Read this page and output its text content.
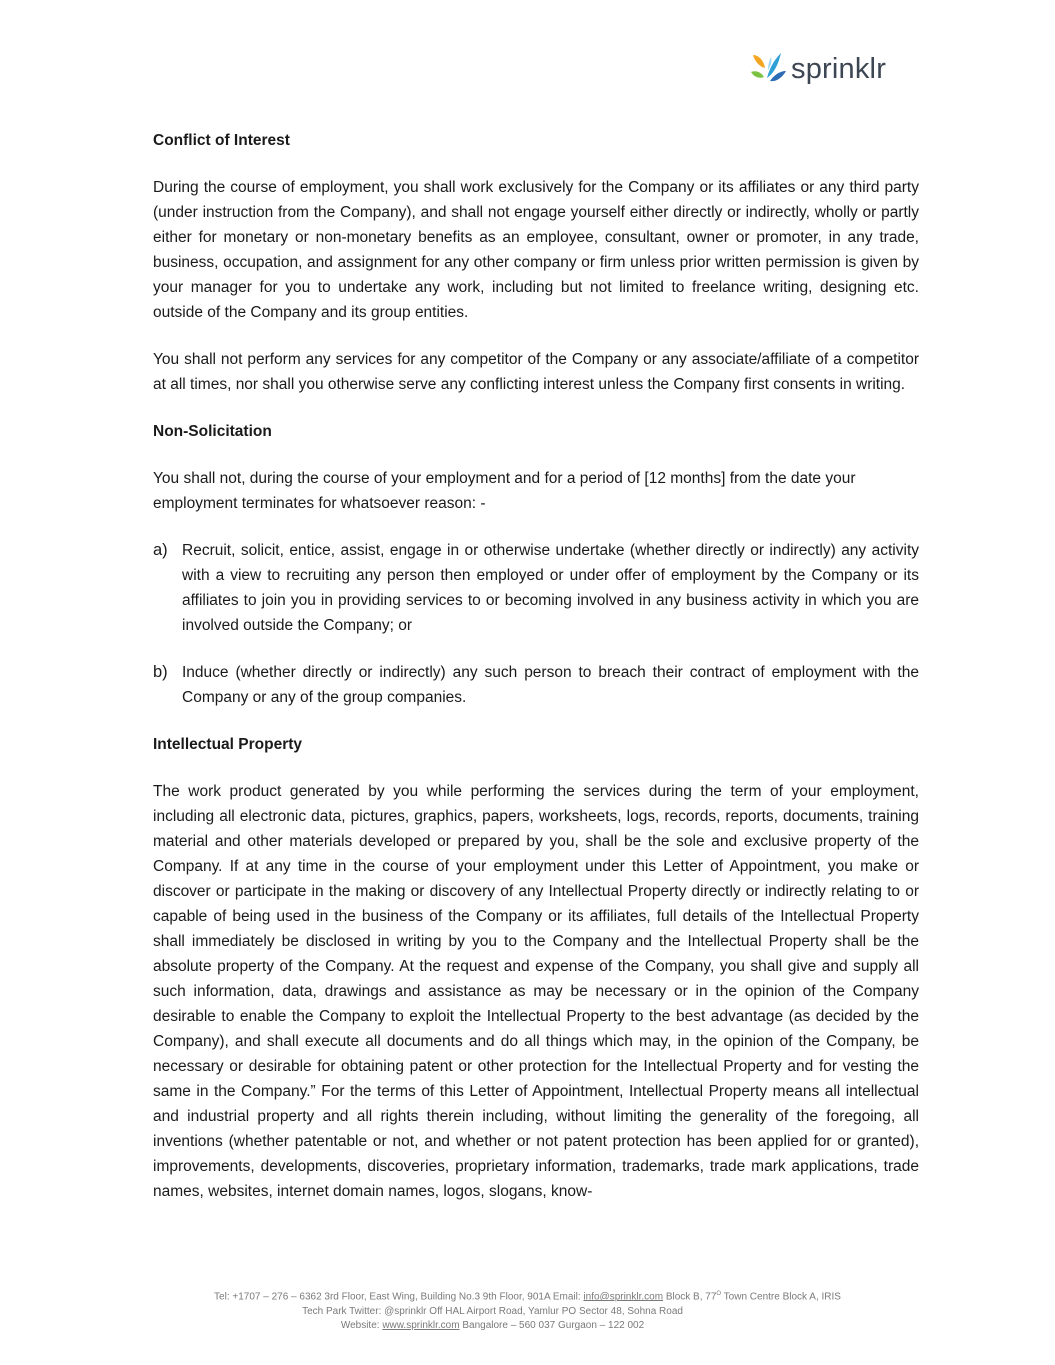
sprinklr
Conflict of Interest

During the course of employment, you shall work exclusively for the Company or its affiliates or any third party (under instruction from the Company), and shall not engage yourself either directly or indirectly, wholly or partly either for monetary or non-monetary benefits as an employee, consultant, owner or promoter, in any trade, business, occupation, and assignment for any other company or firm unless prior written permission is given by your manager for you to undertake any work, including but not limited to freelance writing, designing etc. outside of the Company and its group entities.

You shall not perform any services for any competitor of the Company or any associate/affiliate of a competitor at all times, nor shall you otherwise serve any conflicting interest unless the Company first consents in writing.

Non-Solicitation

You shall not, during the course of your employment and for a period of [12 months] from the date your employment terminates for whatsoever reason: -

a) Recruit, solicit, entice, assist, engage in or otherwise undertake (whether directly or indirectly) any activity with a view to recruiting any person then employed or under offer of employment by the Company or its affiliates to join you in providing services to or becoming involved in any business activity in which you are involved outside the Company; or
b) Induce (whether directly or indirectly) any such person to breach their contract of employment with the Company or any of the group companies.
Intellectual Property

The work product generated by you while performing the services during the term of your employment, including all electronic data, pictures, graphics, papers, worksheets, logs, records, reports, documents, training material and other materials developed or prepared by you, shall be the sole and exclusive property of the Company. If at any time in the course of your employment under this Letter of Appointment, you make or discover or participate in the making or discovery of any Intellectual Property directly or indirectly relating to or capable of being used in the business of the Company or its affiliates, full details of the Intellectual Property shall immediately be disclosed in writing by you to the Company and the Intellectual Property shall be the absolute property of the Company. At the request and expense of the Company, you shall give and supply all such information, data, drawings and assistance as may be necessary or in the opinion of the Company desirable to enable the Company to exploit the Intellectual Property to the best advantage (as decided by the Company), and shall execute all documents and do all things which may, in the opinion of the Company, be necessary or desirable for obtaining patent or other protection for the Intellectual Property and for vesting the same in the Company.” For the terms of this Letter of Appointment, Intellectual Property means all intellectual and industrial property and all rights therein including, without limiting the generality of the foregoing, all inventions (whether patentable or not, and whether or not patent protection has been applied for or granted), improvements, developments, discoveries, proprietary information, trademarks, trade mark applications, trade names, websites, internet domain names, logos, slogans, know-

Tel: +1707 – 276 – 6362 3rd Floor, East Wing, Building No.3 9th Floor, 901A Email: info@sprinklr.com Block B, $77^O$ Town Centre Block A, IRIS
Tech Park Twitter: @sprinklr Off HAL Airport Road, Yamlur PO Sector 48, Sohna Road
Website: www.sprinklr.com Bangalore – 560 037 Gurgaon – 122 002
